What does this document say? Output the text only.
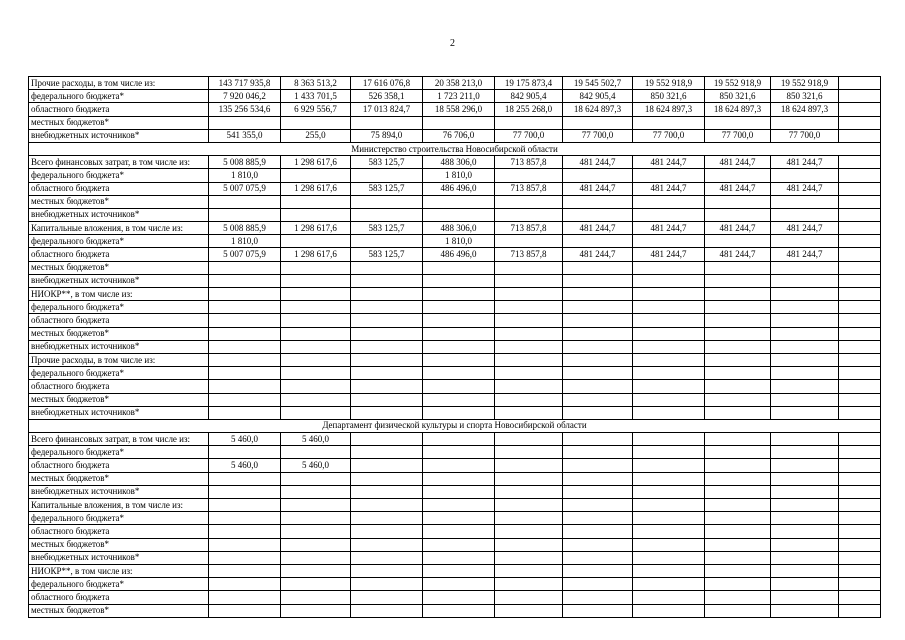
2
Прочие расходы, в том числе из:	143 717 935,8	8 363 513,2	17 616 076,8	20 358 213,0	19 175 873,4	19 545 502,7	19 552 918,9	19 552 918,9	19 552 918,9	
федерального бюджета*	7 920 046,2	1 433 701,5	526 358,1	1 723 211,0	842 905,4	842 905,4	850 321,6	850 321,6	850 321,6	
областного бюджета	135 256 534,6	6 929 556,7	17 013 824,7	18 558 296,0	18 255 268,0	18 624 897,3	18 624 897,3	18 624 897,3	18 624 897,3	
местных бюджетов*										
внебюджетных источников*	541 355,0	255,0	75 894,0	76 706,0	77 700,0	77 700,0	77 700,0	77 700,0	77 700,0	
Министерство строительства Новосибирской области										
Всего финансовых затрат, в том числе из:	5 008 885,9	1 298 617,6	583 125,7	488 306,0	713 857,8	481 244,7	481 244,7	481 244,7	481 244,7	
федерального бюджета*	1 810,0			1 810,0						
областного бюджета	5 007 075,9	1 298 617,6	583 125,7	486 496,0	713 857,8	481 244,7	481 244,7	481 244,7	481 244,7	
местных бюджетов*										
внебюджетных источников*										
Капитальные вложения, в том числе из:	5 008 885,9	1 298 617,6	583 125,7	488 306,0	713 857,8	481 244,7	481 244,7	481 244,7	481 244,7	
федерального бюджета*	1 810,0			1 810,0						
областного бюджета	5 007 075,9	1 298 617,6	583 125,7	486 496,0	713 857,8	481 244,7	481 244,7	481 244,7	481 244,7	
местных бюджетов*										
внебюджетных источников*										
НИОКР**, в том числе из:										
федерального бюджета*										
областного бюджета										
местных бюджетов*										
внебюджетных источников*										
Прочие расходы, в том числе из:										
федерального бюджета*										
областного бюджета										
местных бюджетов*										
внебюджетных источников*										
Департамент физической культуры и спорта Новосибирской области										
Всего финансовых затрат, в том числе из:	5 460,0	5 460,0								
федерального бюджета*										
областного бюджета	5 460,0	5 460,0								
местных бюджетов*										
внебюджетных источников*										
Капитальные вложения, в том числе из:										
федерального бюджета*										
областного бюджета										
местных бюджетов*										
внебюджетных источников*										
НИОКР**, в том числе из:										
федерального бюджета*										
областного бюджета										
местных бюджетов*										
